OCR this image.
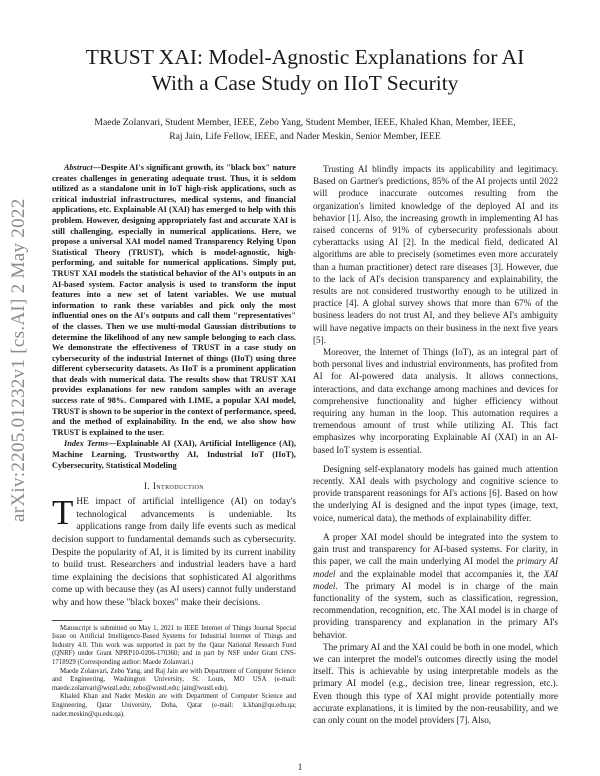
arXiv:2205.01232v1 [cs.AI] 2 May 2022
TRUST XAI: Model-Agnostic Explanations for AI
With a Case Study on IIoT Security
Maede Zolanvari, Student Member, IEEE, Zebo Yang, Student Member, IEEE, Khaled Khan, Member, IEEE,
Raj Jain, Life Fellow, IEEE, and Nader Meskin, Senior Member, IEEE

Abstract—Despite AI's significant growth, its "black box" nature creates challenges in generating adequate trust. Thus, it is seldom utilized as a standalone unit in IoT high-risk applications, such as critical industrial infrastructures, medical systems, and financial applications, etc. Explainable AI (XAI) has emerged to help with this problem. However, designing appropriately fast and accurate XAI is still challenging, especially in numerical applications. Here, we propose a universal XAI model named Transparency Relying Upon Statistical Theory (TRUST), which is model-agnostic, high-performing, and suitable for numerical applications. Simply put, TRUST XAI models the statistical behavior of the AI's outputs in an AI-based system. Factor analysis is used to transform the input features into a new set of latent variables. We use mutual information to rank these variables and pick only the most influential ones on the AI's outputs and call them "representatives" of the classes. Then we use multi-modal Gaussian distributions to determine the likelihood of any new sample belonging to each class. We demonstrate the effectiveness of TRUST in a case study on cybersecurity of the industrial Internet of things (IIoT) using three different cybersecurity datasets. As IIoT is a prominent application that deals with numerical data. The results show that TRUST XAI provides explanations for new random samples with an average success rate of 98%. Compared with LIME, a popular XAI model, TRUST is shown to be superior in the context of performance, speed, and the method of explainability. In the end, we also show how TRUST is explained to the user.

Index Terms—Explainable AI (XAI), Artificial Intelligence (AI), Machine Learning, Trustworthy AI, Industrial IoT (IIoT), Cybersecurity, Statistical Modeling

I. Introduction

THE impact of artificial intelligence (AI) on today's technological advancements is undeniable. Its applications range from daily life events such as medical decision support to fundamental demands such as cybersecurity. Despite the popularity of AI, it is limited by its current inability to build trust. Researchers and industrial leaders have a hard time explaining the decisions that sophisticated AI algorithms come up with because they (as AI users) cannot fully understand why and how these "black boxes" make their decisions.

Manuscript is submitted on May 1, 2021 to IEEE Internet of Things Journal Special Issue on Artificial Intelligence-Based Systems for Industrial Internet of Things and Industry 4.0. This work was supported in part by the Qatar National Research Fund (QNRF) under Grant NPRP10-0206-170360; and in part by NSF under Grant CNS-1718929 (Corresponding author: Maede Zolanvari.)

Maede Zolanvari, Zebo Yang, and Raj Jain are with Department of Computer Science and Engineering, Washington University, St. Louis, MO USA (e-mail: maede.zolanvari@wustl.edu; zebo@wustl.edu; jain@wustl.edu).

Khaled Khan and Nader Meskin are with Department of Computer Science and Engineering, Qatar University, Doha, Qatar (e-mail: k.khan@qu.edu.qa; nader.meskin@qu.edu.qa).

Trusting AI blindly impacts its applicability and legitimacy. Based on Gartner's predictions, 85% of the AI projects until 2022 will produce inaccurate outcomes resulting from the organization's limited knowledge of the deployed AI and its behavior [1]. Also, the increasing growth in implementing AI has raised concerns of 91% of cybersecurity professionals about cyberattacks using AI [2]. In the medical field, dedicated AI algorithms are able to precisely (sometimes even more accurately than a human practitioner) detect rare diseases [3]. However, due to the lack of AI's decision transparency and explainability, the results are not considered trustworthy enough to be utilized in practice [4]. A global survey shows that more than 67% of the business leaders do not trust AI, and they believe AI's ambiguity will have negative impacts on their business in the next five years [5].

Moreover, the Internet of Things (IoT), as an integral part of both personal lives and industrial environments, has profited from AI for AI-powered data analysis. It allows connections, interactions, and data exchange among machines and devices for comprehensive functionality and higher efficiency without requiring any human in the loop. This automation requires a tremendous amount of trust while utilizing AI. This fact emphasizes why incorporating Explainable AI (XAI) in an AI-based IoT system is essential.

Designing self-explanatory models has gained much attention recently. XAI deals with psychology and cognitive science to provide transparent reasonings for AI's actions [6]. Based on how the underlying AI is designed and the input types (image, text, voice, numerical data), the methods of explainability differ.

A proper XAI model should be integrated into the system to gain trust and transparency for AI-based systems. For clarity, in this paper, we call the main underlying AI model the primary AI model and the explainable model that accompanies it, the XAI model. The primary AI model is in charge of the main functionality of the system, such as classification, regression, recommendation, recognition, etc. The XAI model is in charge of providing transparency and explanation in the primary AI's behavior.

The primary AI and the XAI could be both in one model, which we can interpret the model's outcomes directly using the model itself. This is achievable by using interpretable models as the primary AI model (e.g., decision tree, linear regression, etc.). Even though this type of XAI might provide potentially more accurate explanations, it is limited by the non-reusability, and we can only count on the model providers [7]. Also,

1
